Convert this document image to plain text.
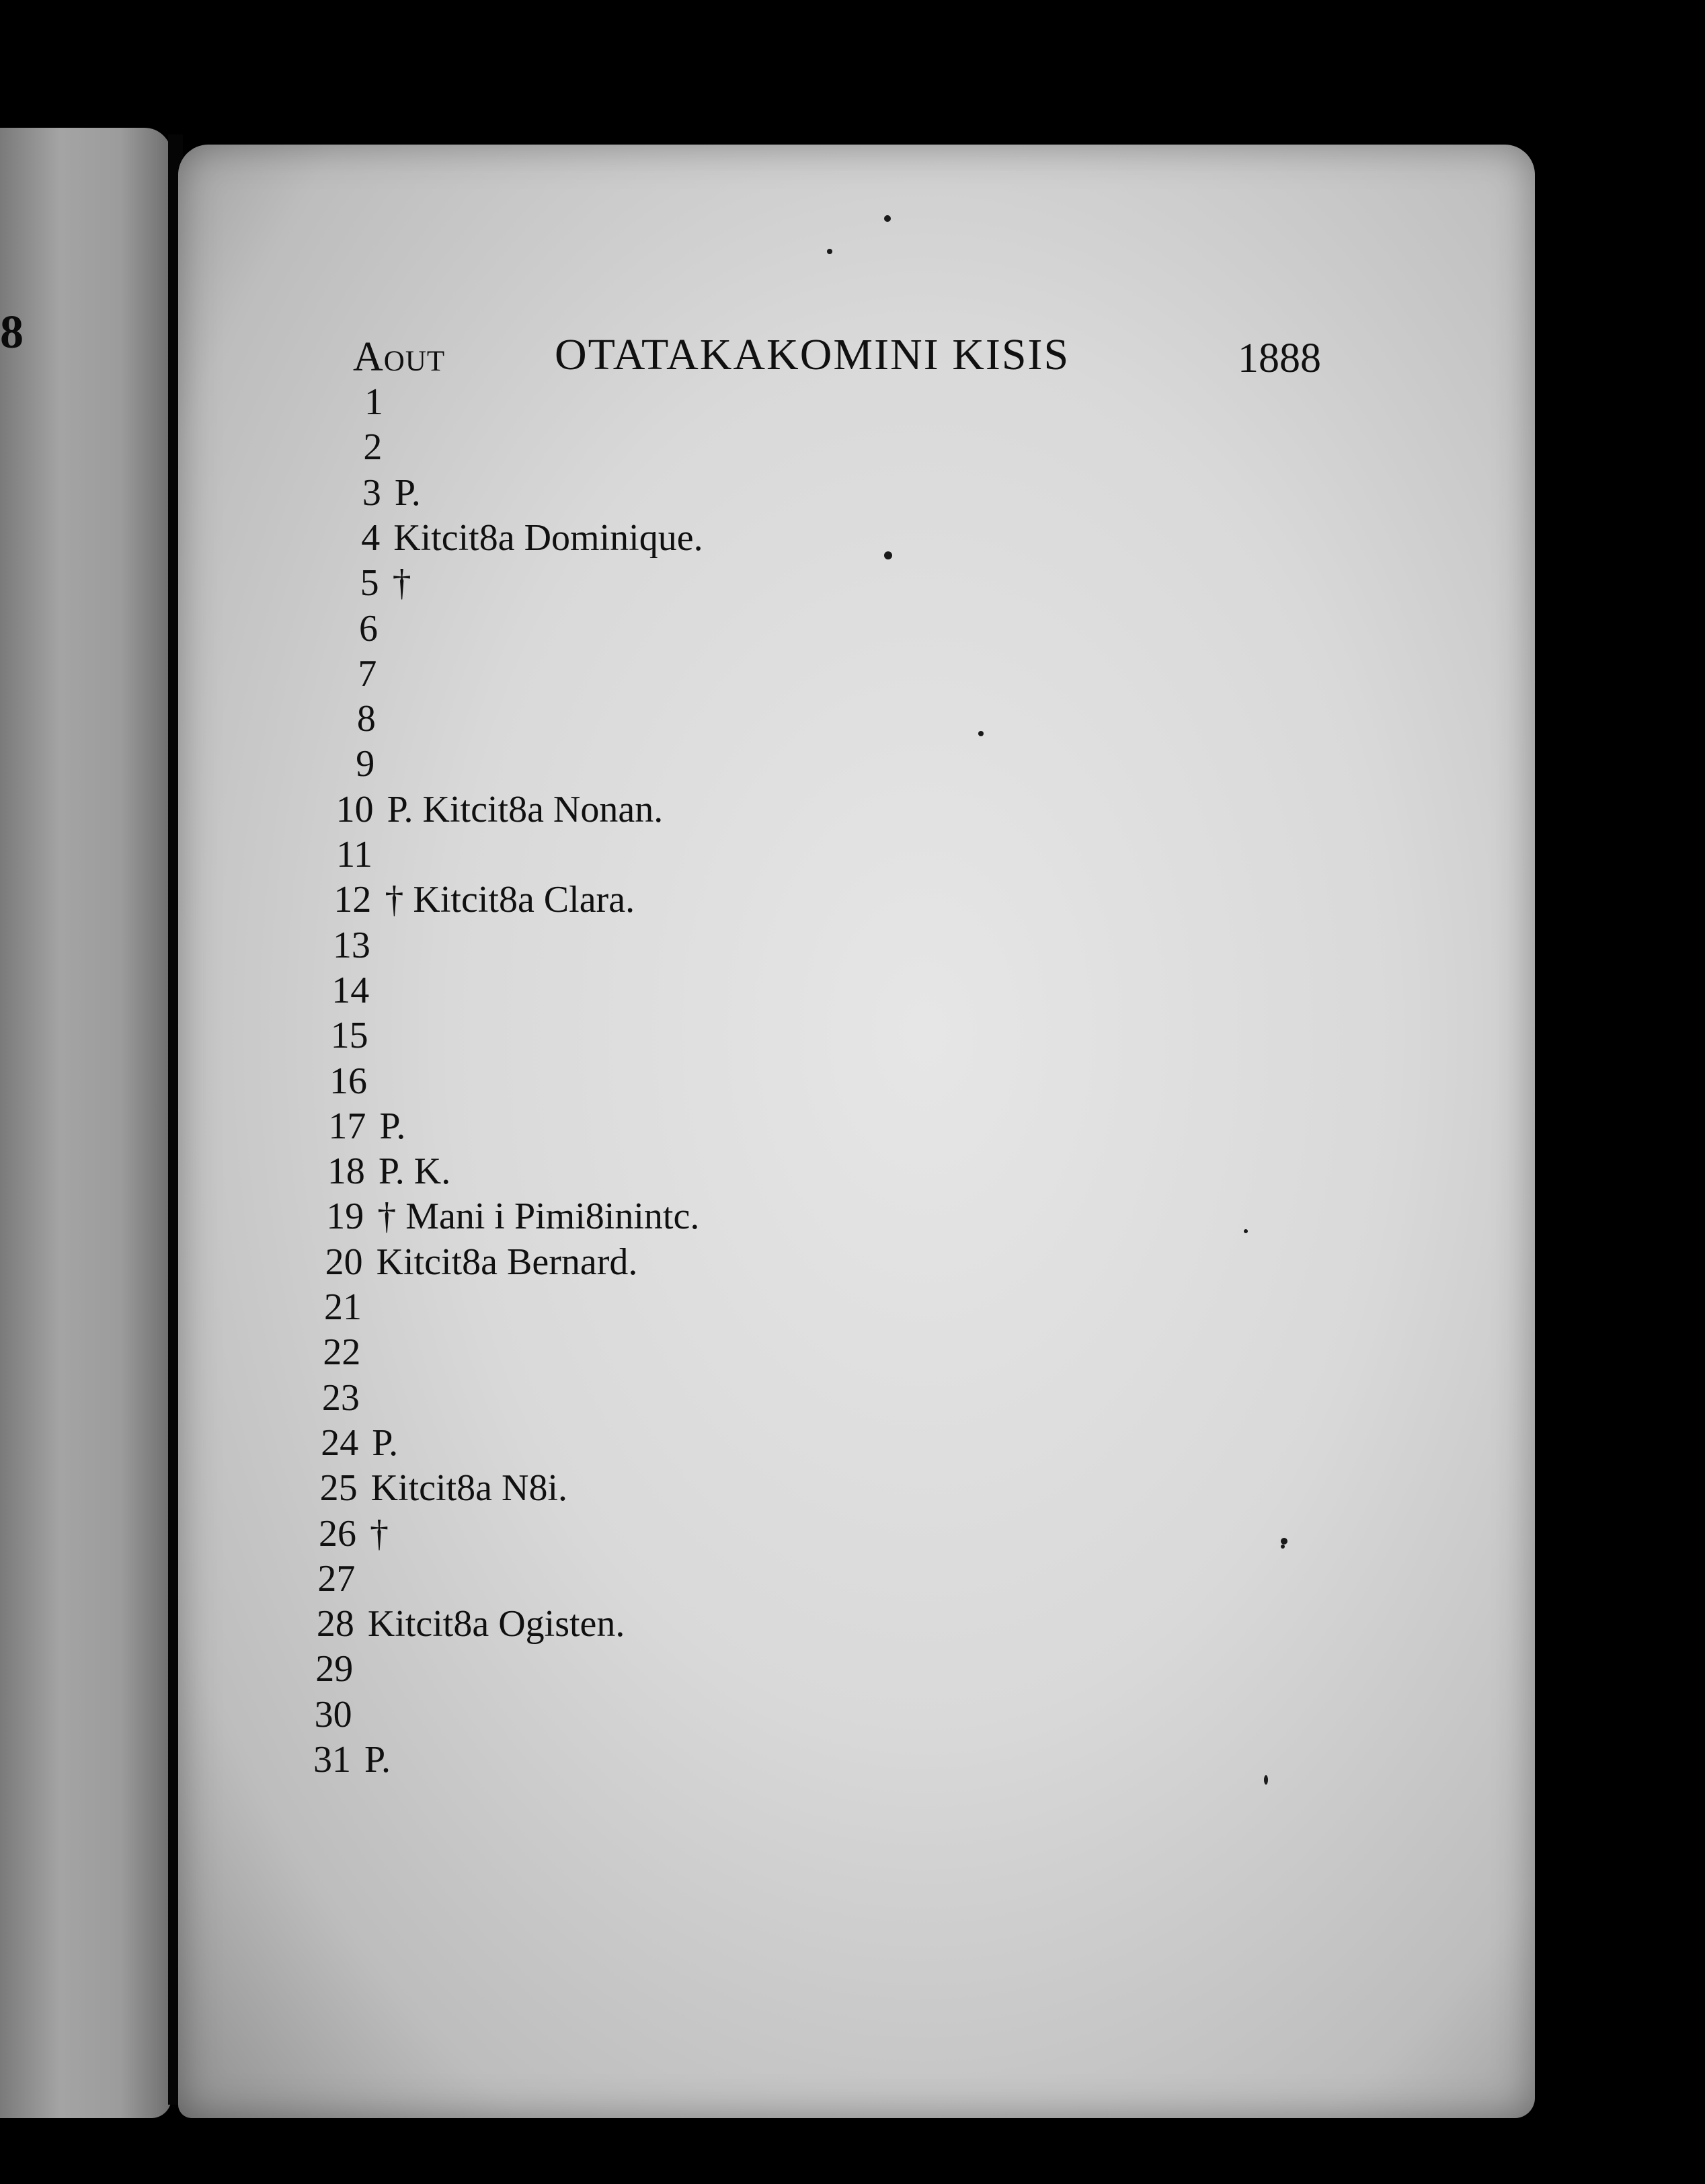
8	Aout OTATAKAKOMINI KISIS	1888
1
2
3 P.
4 Kitcit8a Dominique.
5 †
6
7
8
9
10 P. Kitcit8a Nonan.
11
12 † Kitcit8a Clara.
13
14
15
16
17 P.
18 P. K.
19 † Mani i Pimi8inintc.
20 Kitcit8a Bernard.
21
22
23
24 P.
25 Kitcit8a N8i.
26 †
27
28 Kitcit8a Ogisten.
29
30
31 P.
